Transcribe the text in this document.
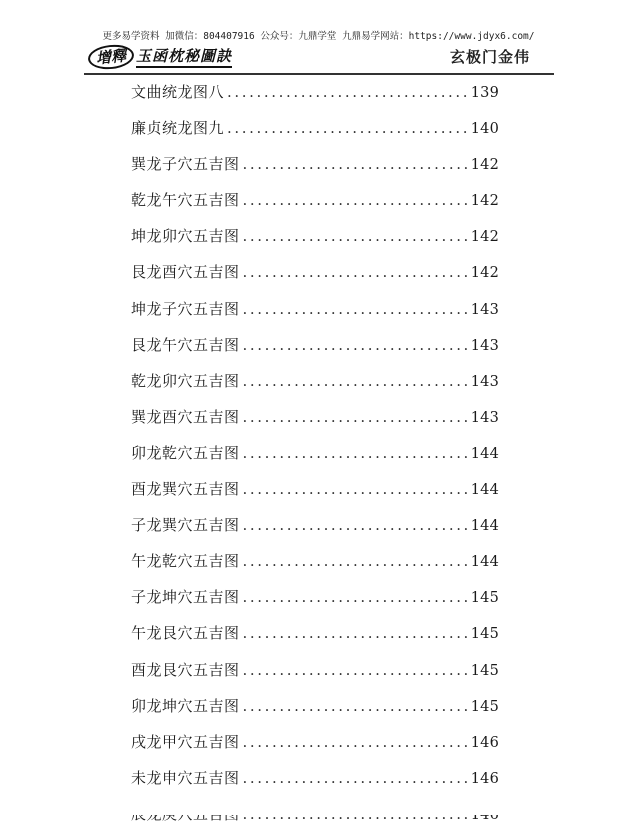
更多易学资料 加微信：804407916 公众号：九鼎学堂 九鼎易学网站：https://www.jdyx6.com/
增釋 玉函枕秘圖訣	玄极门金伟
文曲统龙图八 .....	139
廉贞统龙图九 .....	140
巽龙子穴五吉图 .....	142
乾龙午穴五吉图 .....	142
坤龙卯穴五吉图 .....	142
艮龙酉穴五吉图 .....	142
坤龙子穴五吉图 .....	143
艮龙午穴五吉图 .....	143
乾龙卯穴五吉图 .....	143
巽龙酉穴五吉图 .....	143
卯龙乾穴五吉图 .....	144
酉龙巽穴五吉图 .....	144
子龙巽穴五吉图 .....	144
午龙乾穴五吉图 .....	144
子龙坤穴五吉图 .....	145
午龙艮穴五吉图 .....	145
酉龙艮穴五吉图 .....	145
卯龙坤穴五吉图 .....	145
戌龙甲穴五吉图 .....	146
未龙申穴五吉图 .....	146
.....
